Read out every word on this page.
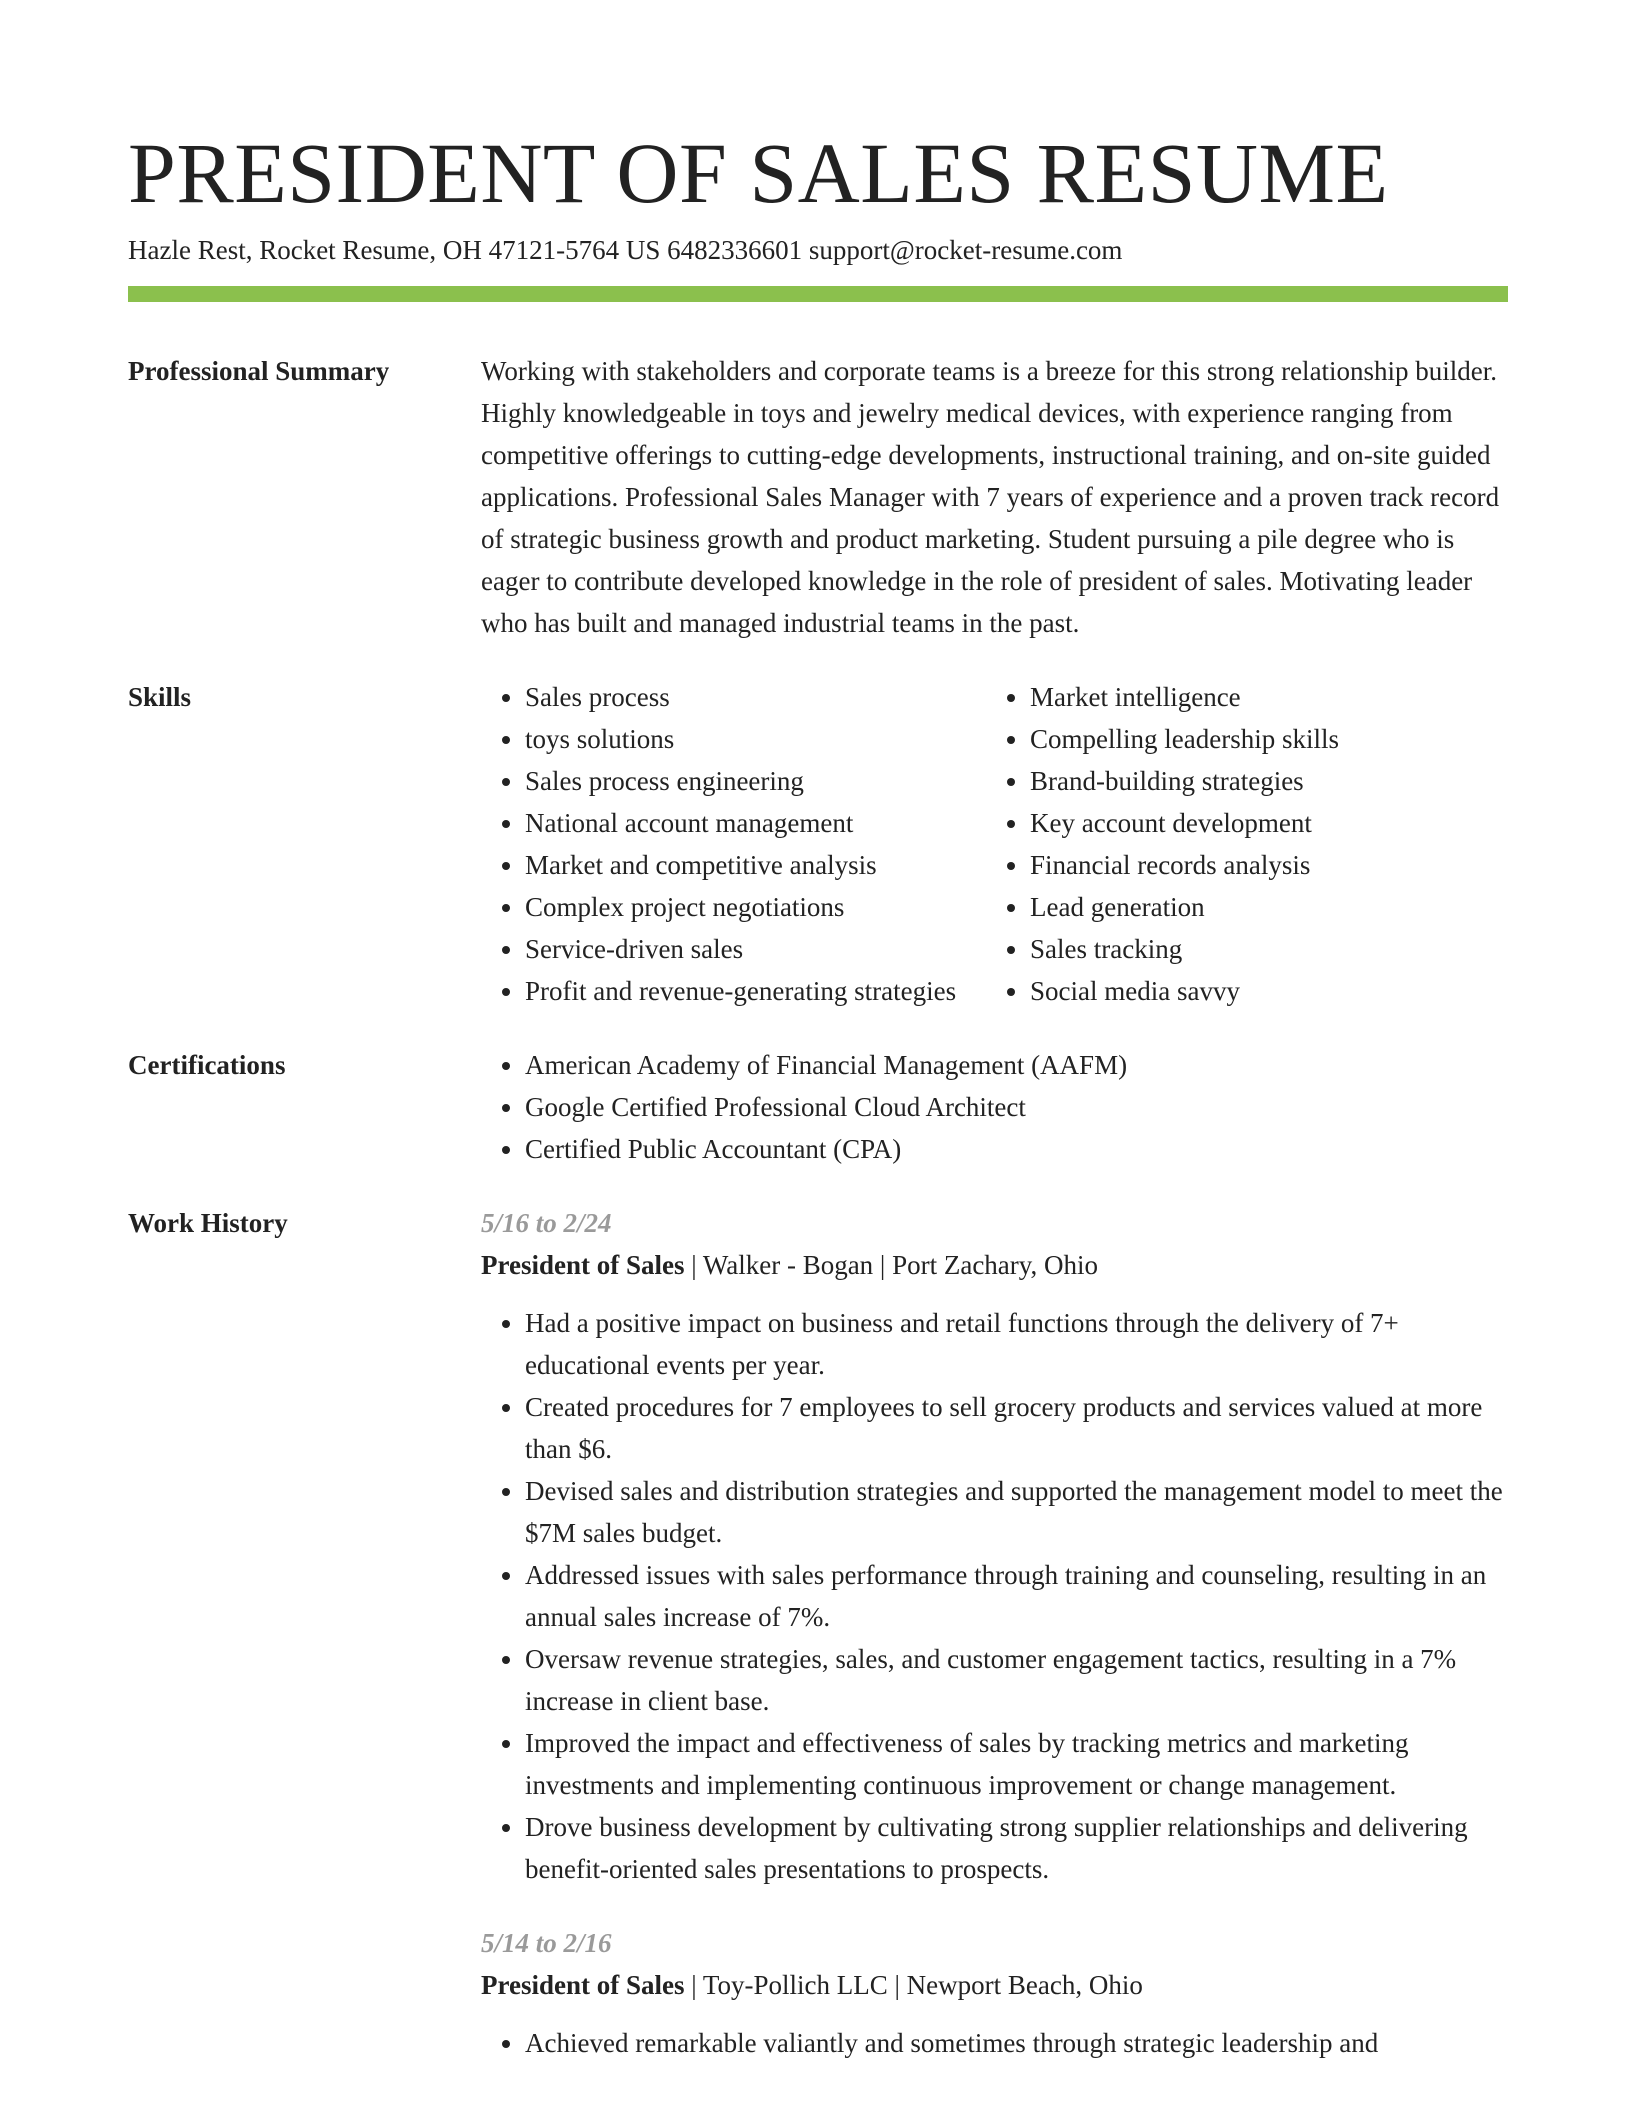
PRESIDENT OF SALES RESUME
Hazle Rest, Rocket Resume, OH 47121-5764 US 6482336601 support@rocket-resume.com
Professional Summary	Working with stakeholders and corporate teams is a breeze for this strong relationship builder. Highly knowledgeable in toys and jewelry medical devices, with experience ranging from competitive offerings to cutting-edge developments, instructional training, and on-site guided applications. Professional Sales Manager with 7 years of experience and a proven track record of strategic business growth and product marketing. Student pursuing a pile degree who is eager to contribute developed knowledge in the role of president of sales. Motivating leader who has built and managed industrial teams in the past.

Skills	• Sales process
• toys solutions
• Sales process engineering
• National account management
• Market and competitive analysis
• Complex project negotiations
• Service-driven sales
• Profit and revenue-generating strategies
• Market intelligence
• Compelling leadership skills
• Brand-building strategies
• Key account development
• Financial records analysis
• Lead generation
• Sales tracking
• Social media savvy
Certifications	• American Academy of Financial Management (AAFM)
• Google Certified Professional Cloud Architect
• Certified Public Accountant (CPA)
Work History	5/16 to 2/24
President of Sales | Walker - Bogan | Port Zachary, Ohio
• Had a positive impact on business and retail functions through the delivery of 7+ educational events per year.
• Created procedures for 7 employees to sell grocery products and services valued at more than $6.
• Devised sales and distribution strategies and supported the management model to meet the $7M sales budget.
• Addressed issues with sales performance through training and counseling, resulting in an annual sales increase of 7%.
• Oversaw revenue strategies, sales, and customer engagement tactics, resulting in a 7% increase in client base.
• Improved the impact and effectiveness of sales by tracking metrics and marketing investments and implementing continuous improvement or change management.
• Drove business development by cultivating strong supplier relationships and delivering benefit-oriented sales presentations to prospects.
5/14 to 2/16
President of Sales | Toy-Pollich LLC | Newport Beach, Ohio
• Achieved remarkable valiantly and sometimes through strategic leadership and
